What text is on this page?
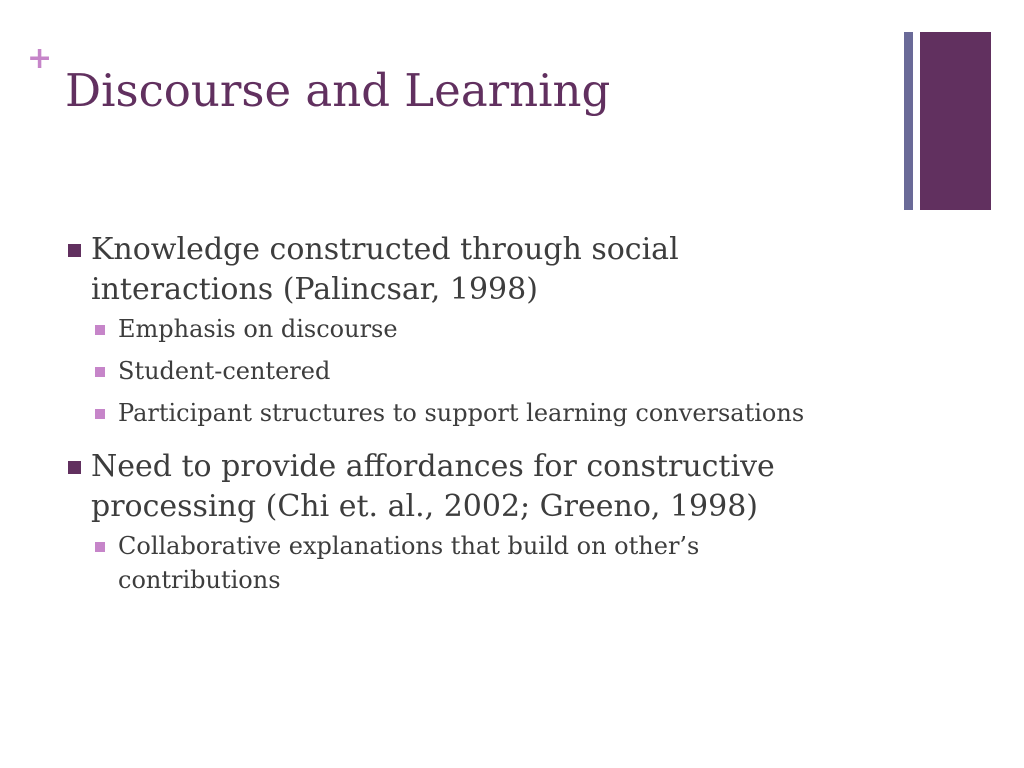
+
Discourse and Learning
Knowledge constructed through social interactions (Palincsar, 1998)
Emphasis on discourse
Student-centered
Participant structures to support learning conversations
Need to provide affordances for constructive processing (Chi et. al., 2002; Greeno, 1998)
Collaborative explanations that build on other’s contributions
